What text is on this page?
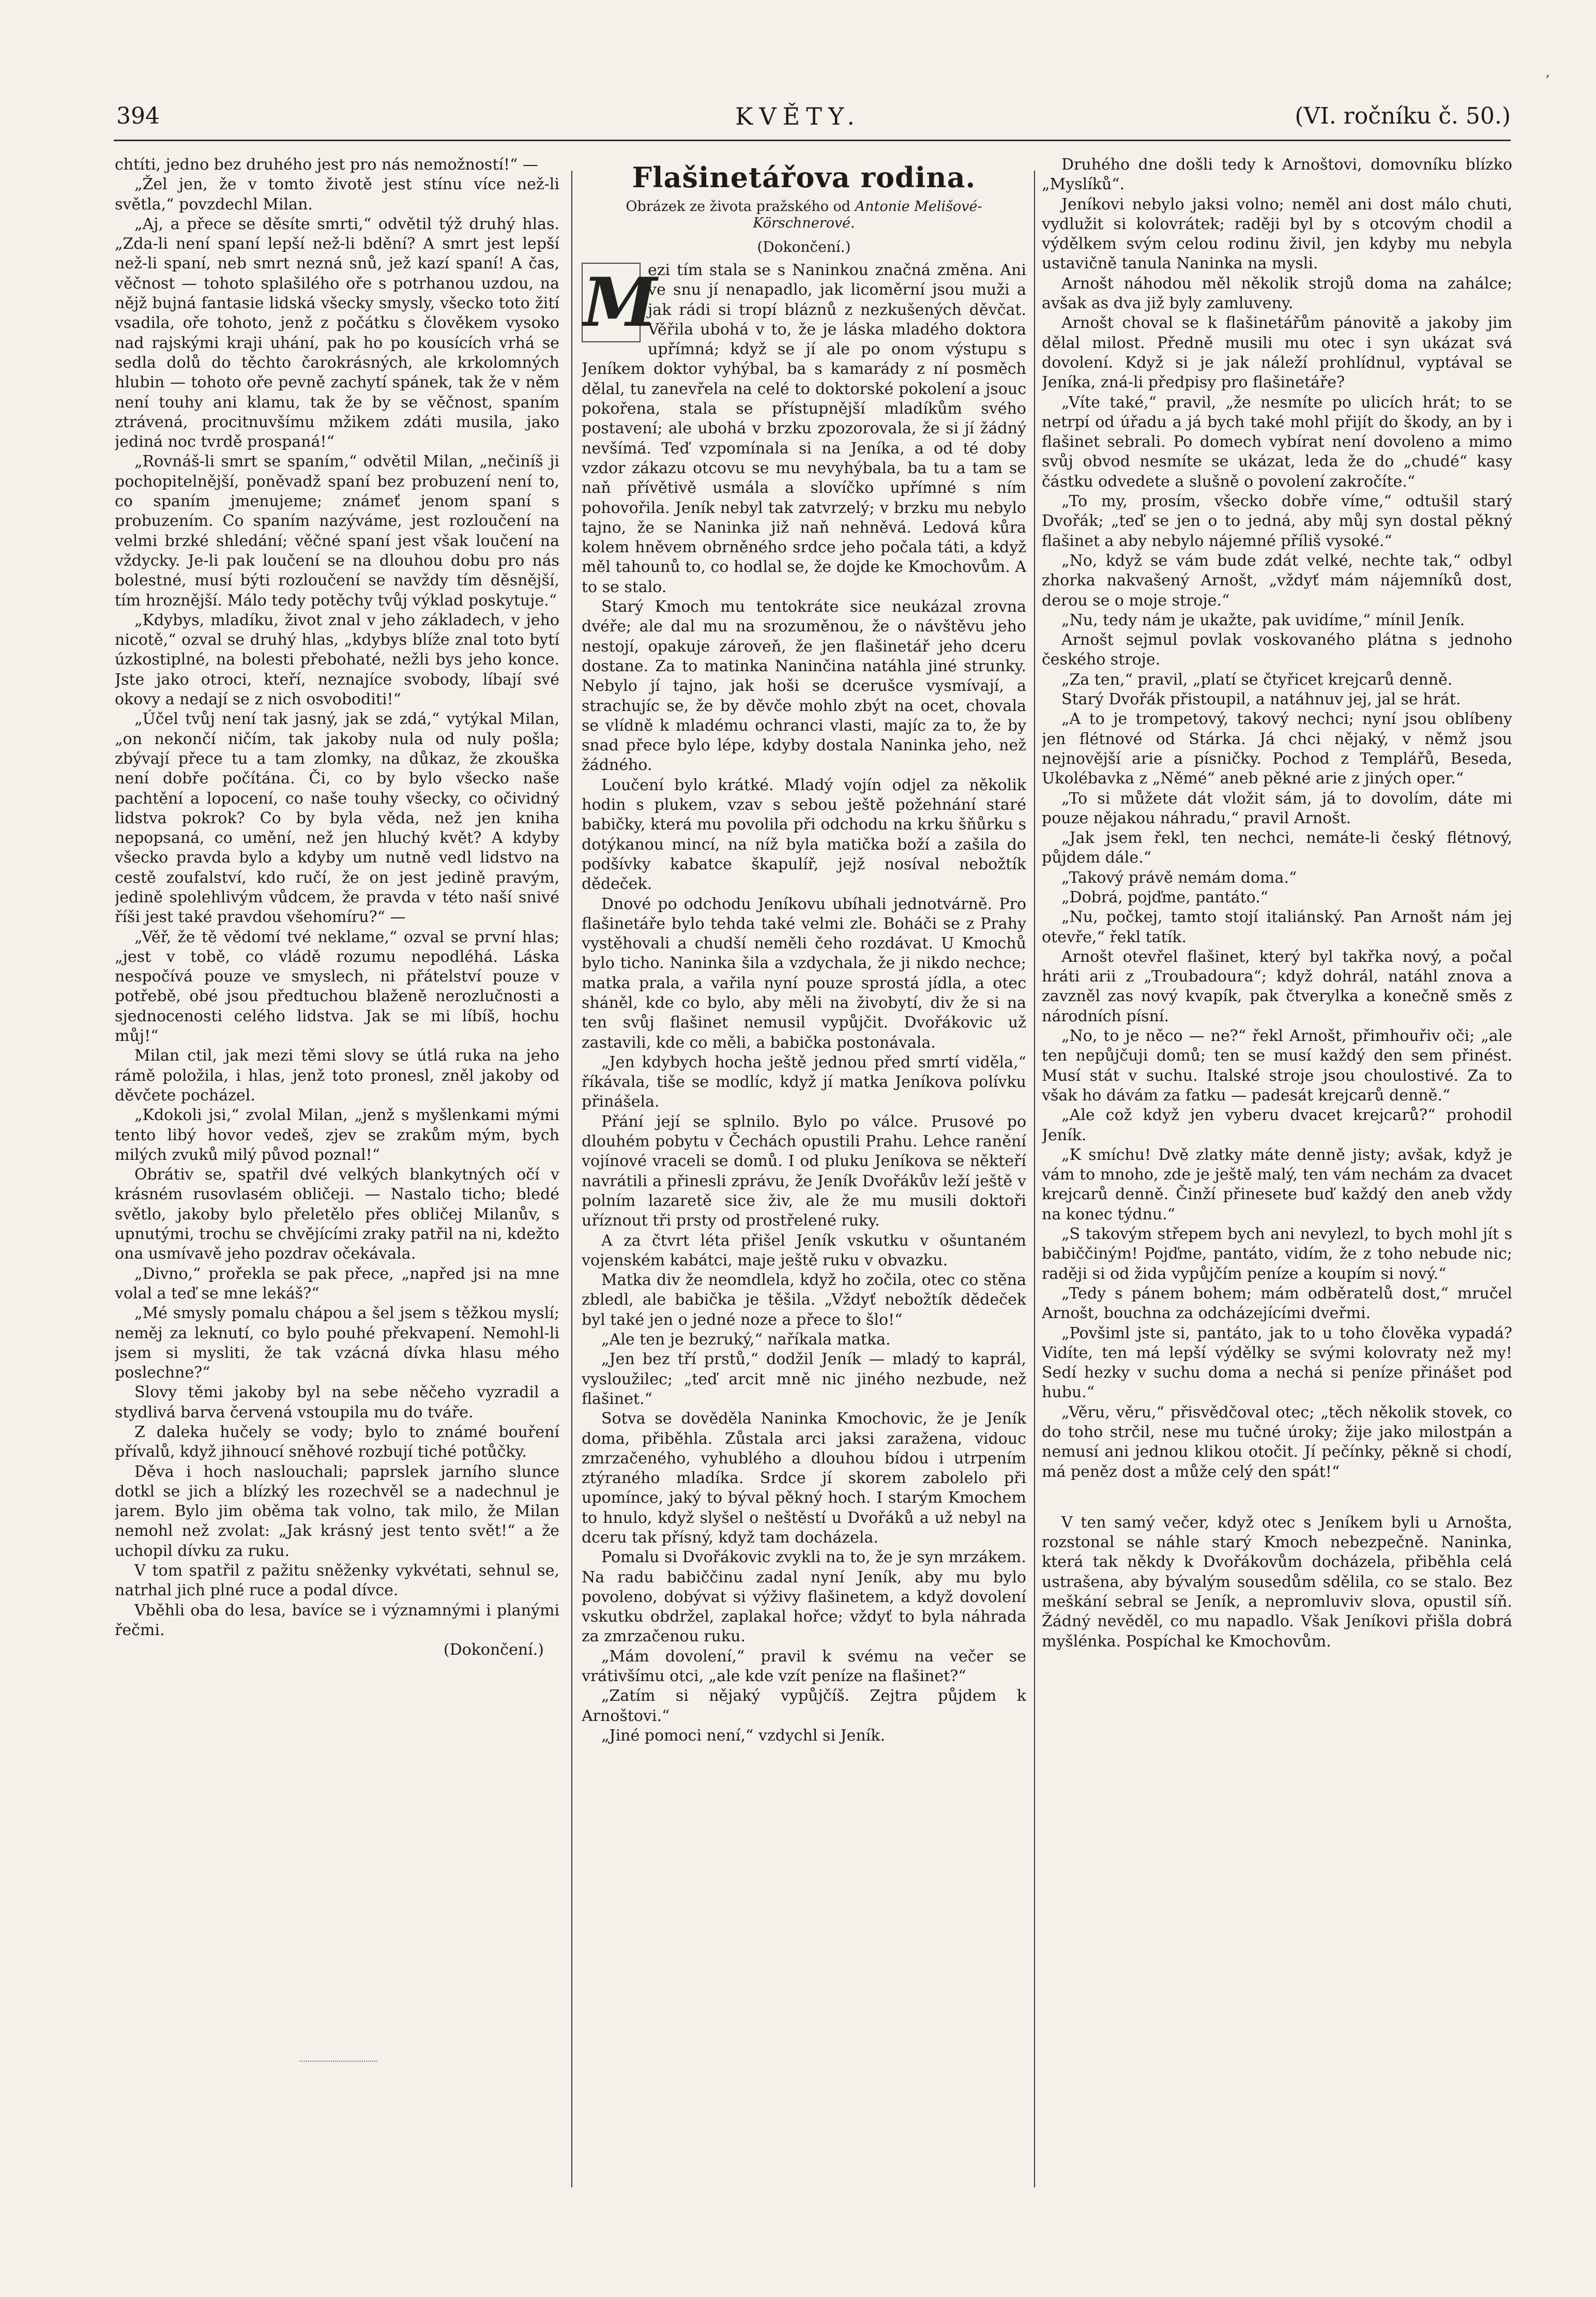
ʼ
394	KVĚTY.	(VI. ročníku č. 50.)

chtíti, jedno bez druhého jest pro nás nemožností!“ —

„Žel jen, že v tomto životě jest stínu více než-li světla,“ povzdechl Milan.

„Aj, a přece se děsíte smrti,“ odvětil týž druhý hlas. „Zda-li není spaní lepší než-li bdění? A smrt jest lepší než-li spaní, neb smrt nezná snů, jež kazí spaní! A čas, věčnost — tohoto splašilého oře s potrhanou uzdou, na nějž bujná fantasie lidská všecky smysly, všecko toto žití vsadila, oře tohoto, jenž z počátku s člověkem vysoko nad rajskými kraji uhání, pak ho po kousících vrhá se sedla dolů do těchto čarokrásných, ale krkolomných hlubin — tohoto oře pevně zachytí spánek, tak že v něm není touhy ani klamu, tak že by se věčnost, spaním ztrávená, procitnuvšímu mžikem zdáti musila, jako jediná noc tvrdě prospaná!“

„Rovnáš-li smrt se spaním,“ odvětil Milan, „nečiníš ji pochopitelnější, poněvadž spaní bez probuzení není to, co spaním jmenujeme; známeť jenom spaní s probuzením. Co spaním nazýváme, jest rozloučení na velmi brzké shledání; věčné spaní jest však loučení na vždycky. Je-li pak loučení se na dlouhou dobu pro nás bolestné, musí býti rozloučení se navždy tím děsnější, tím hroznější. Málo tedy potěchy tvůj výklad poskytuje.“

„Kdybys, mladíku, život znal v jeho základech, v jeho nicotě,“ ozval se druhý hlas, „kdybys blíže znal toto bytí úzkostiplné, na bolesti přebohaté, nežli bys jeho konce. Jste jako otroci, kteří, neznajíce svobody, líbají své okovy a nedají se z nich osvoboditi!“

„Účel tvůj není tak jasný, jak se zdá,“ vytýkal Milan, „on nekončí ničím, tak jakoby nula od nuly pošla; zbývají přece tu a tam zlomky, na důkaz, že zkouška není dobře počítána. Či, co by bylo všecko naše pachtění a lopocení, co naše touhy všecky, co očividný lidstva pokrok? Co by byla věda, než jen kniha nepopsaná, co umění, než jen hluchý květ? A kdyby všecko pravda bylo a kdyby um nutně vedl lidstvo na cestě zoufalství, kdo ručí, že on jest jedině pravým, jedině spolehlivým vůdcem, že pravda v této naší snivé říši jest také pravdou všehomíru?“ —

„Věř, že tě vědomí tvé neklame,“ ozval se první hlas; „jest v tobě, co vládě rozumu nepodléhá. Láska nespočívá pouze ve smyslech, ni přátelství pouze v potřebě, obé jsou předtuchou blaženě nerozlučnosti a sjednocenosti celého lidstva. Jak se mi líbíš, hochu můj!“

Milan ctil, jak mezi těmi slovy se útlá ruka na jeho rámě položila, i hlas, jenž toto pronesl, zněl jakoby od děvčete pocházel.

„Kdokoli jsi,“ zvolal Milan, „jenž s myšlenkami mými tento libý hovor vedeš, zjev se zrakům mým, bych milých zvuků milý původ poznal!“

Obrátiv se, spatřil dvé velkých blankytných očí v krásném rusovlasém obličeji. — Nastalo ticho; bledé světlo, jakoby bylo přeletělo přes obličej Milanův, s upnutými, trochu se chvějícími zraky patřil na ni, kdežto ona usmívavě jeho pozdrav očekávala.

„Divno,“ prořekla se pak přece, „napřed jsi na mne volal a teď se mne lekáš?“

„Mé smysly pomalu chápou a šel jsem s těžkou myslí; neměj za leknutí, co bylo pouhé překvapení. Nemohl-li jsem si mysliti, že tak vzácná dívka hlasu mého poslechne?“

Slovy těmi jakoby byl na sebe něčeho vyzradil a stydlivá barva červená vstoupila mu do tváře.

Z daleka hučely se vody; bylo to známé bouření přívalů, když jihnoucí sněhové rozbují tiché potůčky.

Děva i hoch naslouchali; paprslek jarního slunce dotkl se jich a blízký les rozechvěl se a nadechnul je jarem. Bylo jim oběma tak volno, tak milo, že Milan nemohl než zvolat: „Jak krásný jest tento svět!“ a že uchopil dívku za ruku.

V tom spatřil z pažitu sněženky vykvétati, sehnul se, natrhal jich plné ruce a podal dívce.

Vběhli oba do lesa, bavíce se i významnými i planými řečmi.

(Dokončení.)

Flašinetářova rodina.

Obrázek ze života pražského od Antonie Melišové-Körschnerové.

(Dokončení.)

M

ezi tím stala se s Naninkou značná změna. Ani ve snu jí nenapadlo, jak licoměrní jsou muži a jak rádi si tropí bláznů z nezkušených děvčat. Věřila ubohá v to, že je láska mladého doktora upřímná; když se jí ale po onom výstupu s Jeníkem doktor vyhýbal, ba s kamarády z ní posměch dělal, tu zanevřela na celé to doktorské pokolení a jsouc pokořena, stala se přístupnější mladíkům svého postavení; ale ubohá v brzku zpozorovala, že si jí žádný nevšímá. Teď vzpomínala si na Jeníka, a od té doby vzdor zákazu otcovu se mu nevyhýbala, ba tu a tam se naň přívětivě usmála a slovíčko upřímné s ním pohovořila. Jeník nebyl tak zatvrzelý; v brzku mu nebylo tajno, že se Naninka již naň nehněvá. Ledová kůra kolem hněvem obrněného srdce jeho počala táti, a když měl tahounů to, co hodlal se, že dojde ke Kmochovům. A to se stalo.

Starý Kmoch mu tentokráte sice neukázal zrovna dvéře; ale dal mu na srozuměnou, že o návštěvu jeho nestojí, opakuje zároveň, že jen flašinetář jeho dceru dostane. Za to matinka Naninčina natáhla jiné strunky. Nebylo jí tajno, jak hoši se dcerušce vysmívají, a strachujíc se, že by děvče mohlo zbýt na ocet, chovala se vlídně k mladému ochranci vlasti, majíc za to, že by snad přece bylo lépe, kdyby dostala Naninka jeho, než žádného.

Loučení bylo krátké. Mladý vojín odjel za několik hodin s plukem, vzav s sebou ještě požehnání staré babičky, která mu povolila při odchodu na krku šňůrku s dotýkanou mincí, na níž byla matička boží a zašila do podšívky kabatce škapulíř, jejž nosíval nebožtík dědeček.

Dnové po odchodu Jeníkovu ubíhali jednotvárně. Pro flašinetáře bylo tehda také velmi zle. Boháči se z Prahy vystěhovali a chudší neměli čeho rozdávat. U Kmochů bylo ticho. Naninka šila a vzdychala, že ji nikdo nechce; matka prala, a vařila nyní pouze sprostá jídla, a otec sháněl, kde co bylo, aby měli na živobytí, div že si na ten svůj flašinet nemusil vypůjčit. Dvořákovic už zastavili, kde co měli, a babička postonávala.

„Jen kdybych hocha ještě jednou před smrtí viděla,“ říkávala, tiše se modlíc, když jí matka Jeníkova polívku přinášela.

Přání její se splnilo. Bylo po válce. Prusové po dlouhém pobytu v Čechách opustili Prahu. Lehce ranění vojínové vraceli se domů. I od pluku Jeníkova se někteří navrátili a přinesli zprávu, že Jeník Dvořákův leží ještě v polním lazaretě sice živ, ale že mu musili doktoři uříznout tři prsty od prostřelené ruky.

A za čtvrt léta přišel Jeník vskutku v ošuntaném vojenském kabátci, maje ještě ruku v obvazku.

Matka div že neomdlela, když ho zočila, otec co stěna zbledl, ale babička je těšila. „Vždyť nebožtík dědeček byl také jen o jedné noze a přece to šlo!“

„Ale ten je bezruký,“ naříkala matka.

„Jen bez tří prstů,“ dodžil Jeník — mladý to kaprál, vysloužilec; „teď arcit mně nic jiného nezbude, než flašinet.“

Sotva se dověděla Naninka Kmochovic, že je Jeník doma, přiběhla. Zůstala arci jaksi zaražena, vidouc zmrzačeného, vyhublého a dlouhou bídou i utrpením ztýraného mladíka. Srdce jí skorem zabolelo při upomínce, jaký to býval pěkný hoch. I starým Kmochem to hnulo, když slyšel o neštěstí u Dvořáků a už nebyl na dceru tak přísný, když tam docházela.

Pomalu si Dvořákovic zvykli na to, že je syn mrzákem. Na radu babiččinu zadal nyní Jeník, aby mu bylo povoleno, dobývat si výživy flašinetem, a když dovolení vskutku obdržel, zaplakal hořce; vždyť to byla náhrada za zmrzačenou ruku.

„Mám dovolení,“ pravil k svému na večer se vrátivšímu otci, „ale kde vzít peníze na flašinet?“

„Zatím si nějaký vypůjčíš. Zejtra půjdem k Arnoštovi.“

„Jiné pomoci není,“ vzdychl si Jeník.

Druhého dne došli tedy k Arnoštovi, domovníku blízko „Myslíků“.

Jeníkovi nebylo jaksi volno; neměl ani dost málo chuti, vydlužit si kolovrátek; raději byl by s otcovým chodil a výdělkem svým celou rodinu živil, jen kdyby mu nebyla ustavičně tanula Naninka na mysli.

Arnošt náhodou měl několik strojů doma na zahálce; avšak as dva již byly zamluveny.

Arnošt choval se k flašinetářům pánovitě a jakoby jim dělal milost. Předně musili mu otec i syn ukázat svá dovolení. Když si je jak náleží prohlídnul, vyptával se Jeníka, zná-li předpisy pro flašinetáře?

„Víte také,“ pravil, „že nesmíte po ulicích hrát; to se netrpí od úřadu a já bych také mohl přijít do škody, an by i flašinet sebrali. Po domech vybírat není dovoleno a mimo svůj obvod nesmíte se ukázat, leda že do „chudé“ kasy částku odvedete a slušně o povolení zakročíte.“

„To my, prosím, všecko dobře víme,“ odtušil starý Dvořák; „teď se jen o to jedná, aby můj syn dostal pěkný flašinet a aby nebylo nájemné příliš vysoké.“

„No, když se vám bude zdát velké, nechte tak,“ odbyl zhorka nakvašený Arnošt, „vždyť mám nájemníků dost, derou se o moje stroje.“

„Nu, tedy nám je ukažte, pak uvidíme,“ mínil Jeník.

Arnošt sejmul povlak voskovaného plátna s jednoho českého stroje.

„Za ten,“ pravil, „platí se čtyřicet krejcarů denně.

Starý Dvořák přistoupil, a natáhnuv jej, jal se hrát.

„A to je trompetový, takový nechci; nyní jsou oblíbeny jen flétnové od Stárka. Já chci nějaký, v němž jsou nejnovější arie a písničky. Pochod z Templářů, Beseda, Ukolébavka z „Němé“ aneb pěkné arie z jiných oper.“

„To si můžete dát vložit sám, já to dovolím, dáte mi pouze nějakou náhradu,“ pravil Arnošt.

„Jak jsem řekl, ten nechci, nemáte-li český flétnový, půjdem dále.“

„Takový právě nemám doma.“

„Dobrá, pojďme, pantáto.“

„Nu, počkej, tamto stojí italiánský. Pan Arnošt nám jej otevře,“ řekl tatík.

Arnošt otevřel flašinet, který byl takřka nový, a počal hráti arii z „Troubadoura“; když dohrál, natáhl znova a zavzněl zas nový kvapík, pak čtverylka a konečně směs z národních písní.

„No, to je něco — ne?“ řekl Arnošt, přimhouřiv oči; „ale ten nepůjčuji domů; ten se musí každý den sem přinést. Musí stát v suchu. Italské stroje jsou choulostivé. Za to však ho dávám za fatku — padesát krejcarů denně.“

„Ale což když jen vyberu dvacet krejcarů?“ prohodil Jeník.

„K smíchu! Dvě zlatky máte denně jisty; avšak, když je vám to mnoho, zde je ještě malý, ten vám nechám za dvacet krejcarů denně. Činží přinesete buď každý den aneb vždy na konec týdnu.“

„S takovým střepem bych ani nevylezl, to bych mohl jít s babiččiným! Pojďme, pantáto, vidím, že z toho nebude nic; raději si od žida vypůjčím peníze a koupím si nový.“

„Tedy s pánem bohem; mám odběratelů dost,“ mručel Arnošt, bouchna za odcházejícími dveřmi.

„Povšiml jste si, pantáto, jak to u toho člověka vypadá? Vidíte, ten má lepší výdělky se svými kolovraty než my! Sedí hezky v suchu doma a nechá si peníze přinášet pod hubu.“

„Věru, věru,“ přisvědčoval otec; „těch několik stovek, co do toho strčil, nese mu tučné úroky; žije jako milostpán a nemusí ani jednou klikou otočit. Jí pečínky, pěkně si chodí, má peněz dost a může celý den spát!“

V ten samý večer, když otec s Jeníkem byli u Arnošta, rozstonal se náhle starý Kmoch nebezpečně. Naninka, která tak někdy k Dvořákovům docházela, přiběhla celá ustrašena, aby bývalým sousedům sdělila, co se stalo. Bez meškání sebral se Jeník, a nepromluviv slova, opustil síň. Žádný nevěděl, co mu napadlo. Však Jeníkovi přišla dobrá myšlénka. Pospíchal ke Kmochovům.
